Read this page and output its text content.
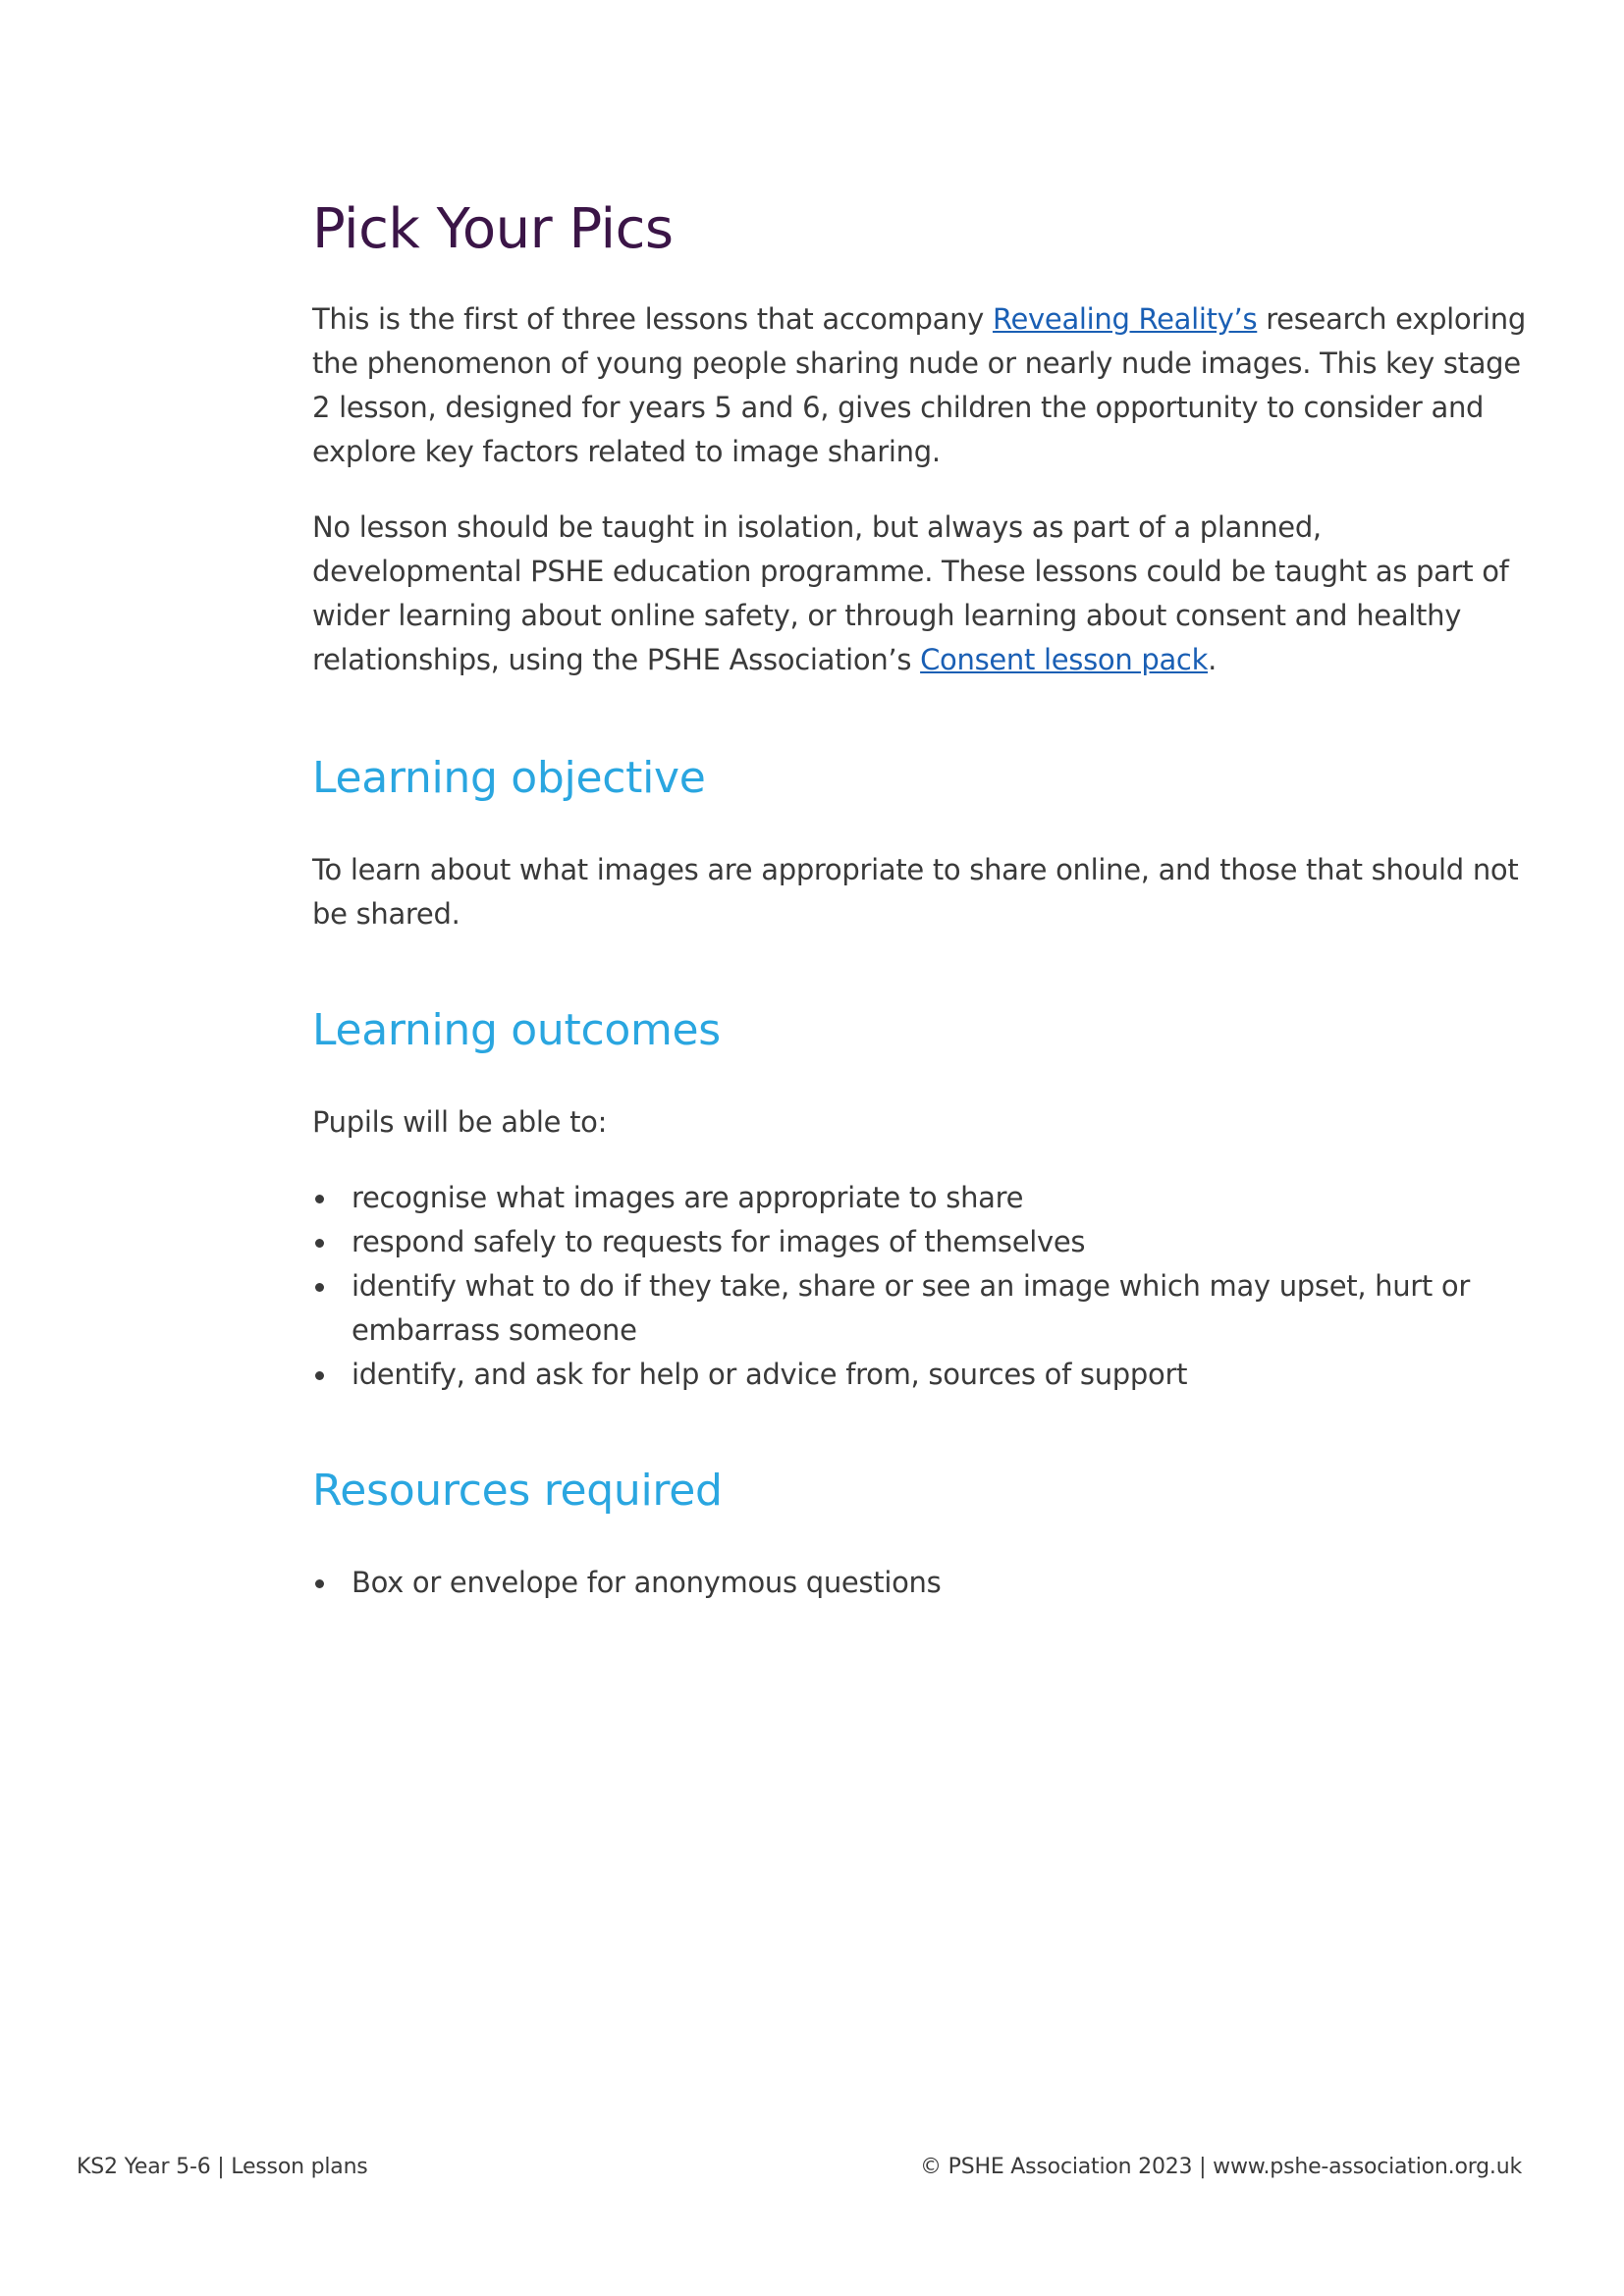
Pick Your Pics

This is the first of three lessons that accompany Revealing Reality’s research exploring the phenomenon of young people sharing nude or nearly nude images. This key stage 2 lesson, designed for years 5 and 6, gives children the opportunity to consider and explore key factors related to image sharing.

No lesson should be taught in isolation, but always as part of a planned, developmental PSHE education programme. These lessons could be taught as part of wider learning about online safety, or through learning about consent and healthy relationships, using the PSHE Association’s Consent lesson pack.

Learning objective

To learn about what images are appropriate to share online, and those that should not be shared.

Learning outcomes

Pupils will be able to:

recognise what images are appropriate to share
respond safely to requests for images of themselves
identify what to do if they take, share or see an image which may upset, hurt or embarrass someone
identify, and ask for help or advice from, sources of support
Resources required
Box or envelope for anonymous questions
KS2 Year 5-6 | Lesson plans	© PSHE Association 2023 | www.pshe-association.org.uk
